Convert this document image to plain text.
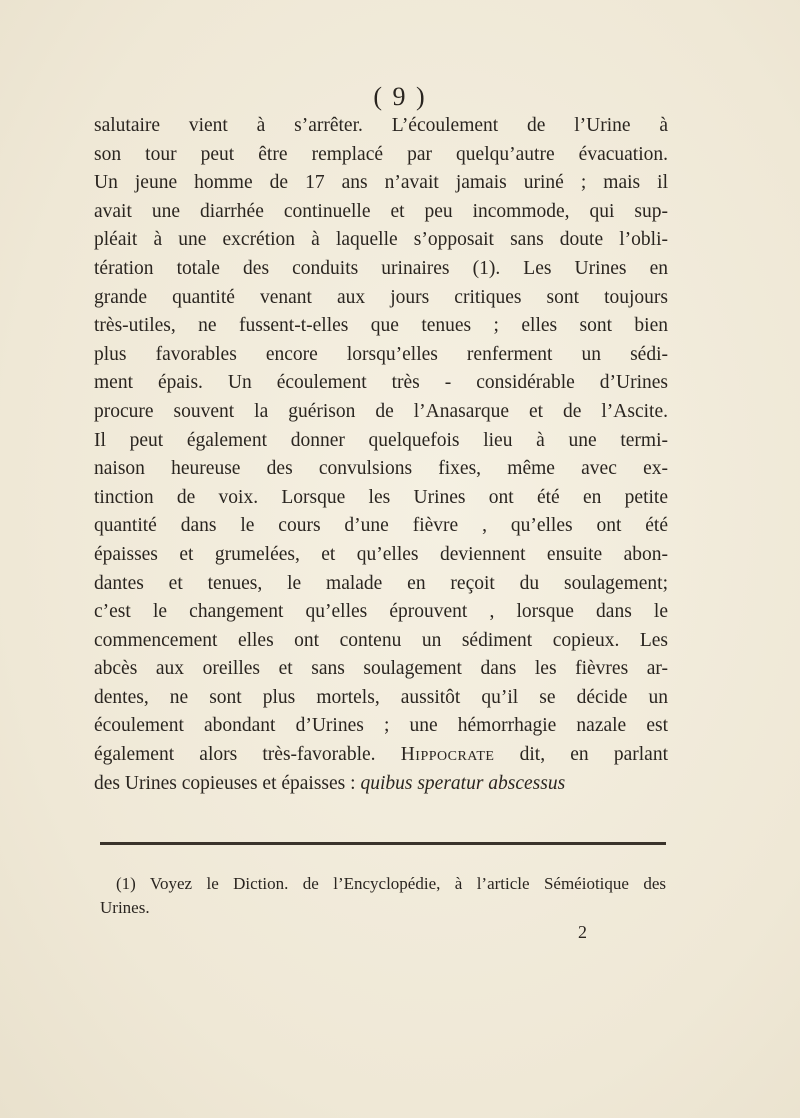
( 9 )
salutaire vient à s’arrêter. L’écoulement de l’Urine à
son tour peut être remplacé par quelqu’autre évacuation.
Un jeune homme de 17 ans n’avait jamais uriné ; mais il
avait une diarrhée continuelle et peu incommode, qui sup-
pléait à une excrétion à laquelle s’opposait sans doute l’obli-
tération totale des conduits urinaires (1). Les Urines en
grande quantité venant aux jours critiques sont toujours
très-utiles, ne fussent-t-elles que tenues ; elles sont bien
plus favorables encore lorsqu’elles renferment un sédi-
ment épais. Un écoulement très - considérable d’Urines
procure souvent la guérison de l’Anasarque et de l’Ascite.
Il peut également donner quelquefois lieu à une termi-
naison heureuse des convulsions fixes, même avec ex-
tinction de voix. Lorsque les Urines ont été en petite
quantité dans le cours d’une fièvre , qu’elles ont été
épaisses et grumelées, et qu’elles deviennent ensuite abon-
dantes et tenues, le malade en reçoit du soulagement;
c’est le changement qu’elles éprouvent , lorsque dans le
commencement elles ont contenu un sédiment copieux. Les
abcès aux oreilles et sans soulagement dans les fièvres ar-
dentes, ne sont plus mortels, aussitôt qu’il se décide un
écoulement abondant d’Urines ; une hémorrhagie nazale est
également alors très-favorable. Hippocrate dit, en parlant
des Urines copieuses et épaisses : quibus speratur abscessus
(1) Voyez le Diction. de l’Encyclopédie, à l’article Séméiotique des
Urines.
2
